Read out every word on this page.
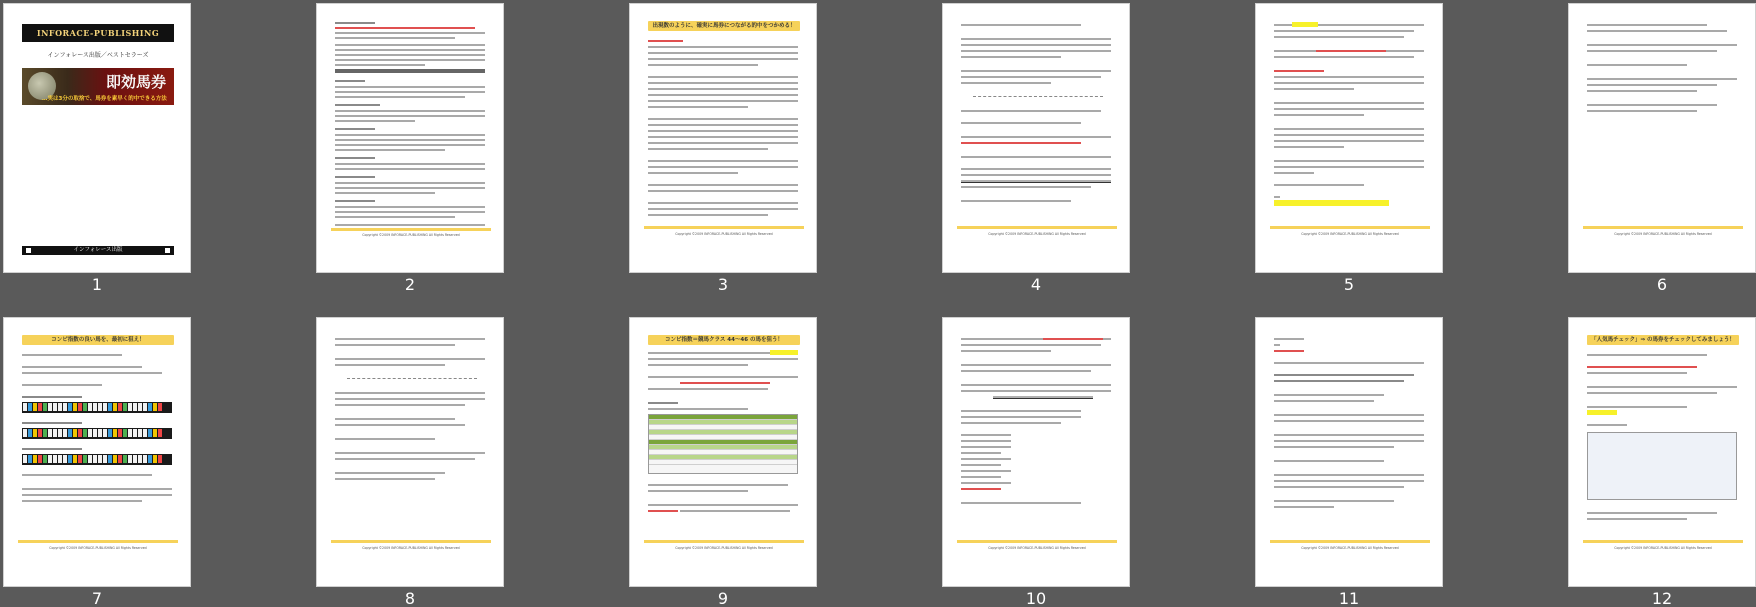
INFORACE-PUBLISHING
インフォレース出版／ベストセラーズ
即効馬券
…実は3分の取捨で、馬券を素早く的中できる方法
インフォレース出版
1
Copyright ©2009 INFORACE-PUBLISHING All Rights Reserved
2
出現数のように、確実に馬券につながる的中をつかめる！
Copyright ©2009 INFORACE-PUBLISHING All Rights Reserved
3
Copyright ©2009 INFORACE-PUBLISHING All Rights Reserved
4
Copyright ©2009 INFORACE-PUBLISHING All Rights Reserved
5
Copyright ©2009 INFORACE-PUBLISHING All Rights Reserved
6
コンピ指数の良い馬を、最初に狙え！
Copyright ©2009 INFORACE-PUBLISHING All Rights Reserved
7
Copyright ©2009 INFORACE-PUBLISHING All Rights Reserved
8
コンピ指数＝競馬クラス 44〜46 の馬を狙う！
Copyright ©2009 INFORACE-PUBLISHING All Rights Reserved
9
Copyright ©2009 INFORACE-PUBLISHING All Rights Reserved
10
Copyright ©2009 INFORACE-PUBLISHING All Rights Reserved
11
「人気馬チェック」⇒ の馬券をチェックしてみましょう！
Copyright ©2009 INFORACE-PUBLISHING All Rights Reserved
12
